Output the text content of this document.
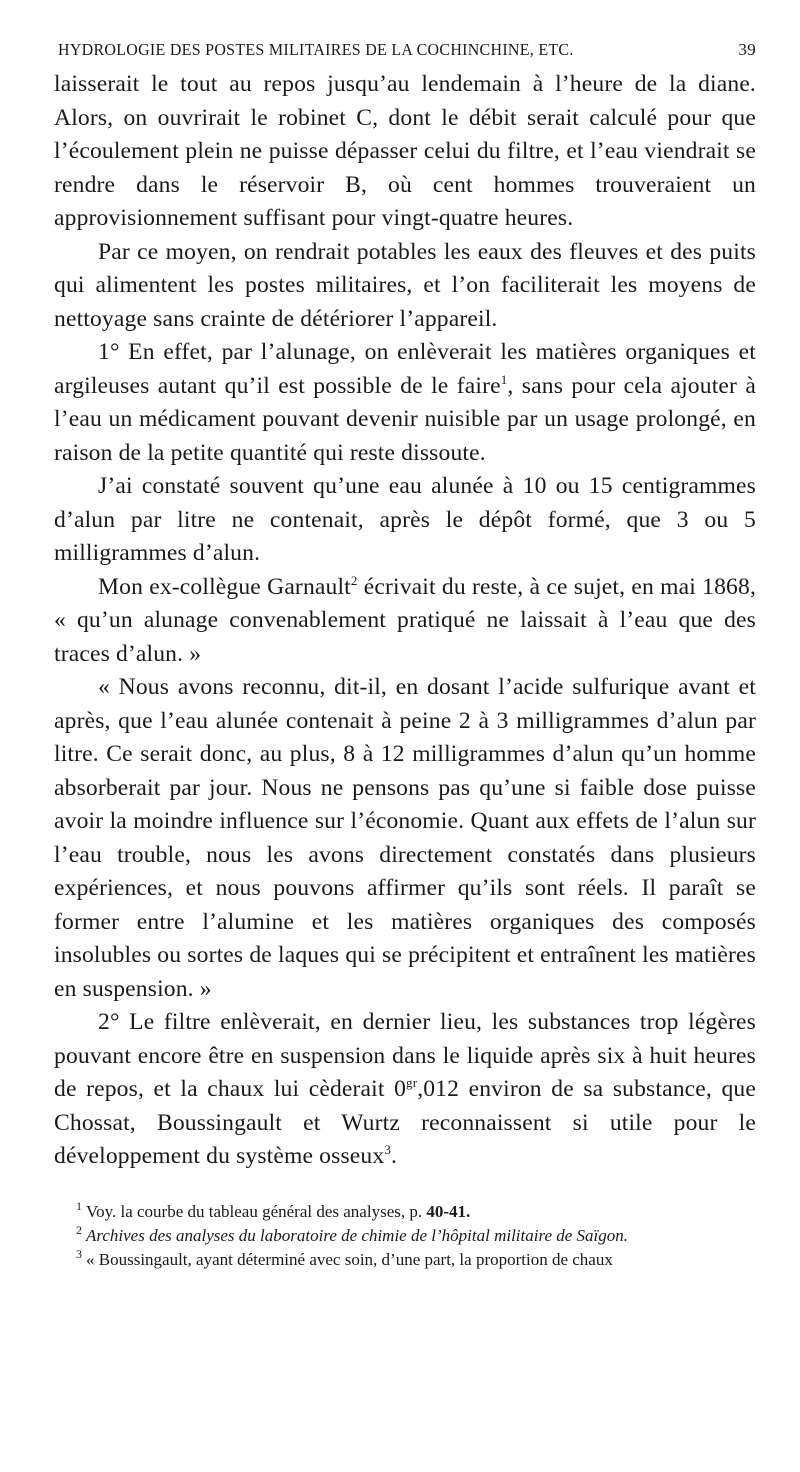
HYDROLOGIE DES POSTES MILITAIRES DE LA COCHINCHINE, ETC.	39

laisserait le tout au repos jusqu’au lendemain à l’heure de la diane. Alors, on ouvrirait le robinet C, dont le débit serait calculé pour que l’écoulement plein ne puisse dépasser celui du filtre, et l’eau viendrait se rendre dans le réservoir B, où cent hommes trouveraient un approvisionnement suffisant pour vingt-quatre heures.

Par ce moyen, on rendrait potables les eaux des fleuves et des puits qui alimentent les postes militaires, et l’on faciliterait les moyens de nettoyage sans crainte de détériorer l’appareil.

1° En effet, par l’alunage, on enlèverait les matières organiques et argileuses autant qu’il est possible de le faire$^1$, sans pour cela ajouter à l’eau un médicament pouvant devenir nuisible par un usage prolongé, en raison de la petite quantité qui reste dissoute.

J’ai constaté souvent qu’une eau alunée à 10 ou 15 centigrammes d’alun par litre ne contenait, après le dépôt formé, que 3 ou 5 milligrammes d’alun.

Mon ex-collègue Garnault$^2$ écrivait du reste, à ce sujet, en mai 1868, « qu’un alunage convenablement pratiqué ne laissait à l’eau que des traces d’alun. »

« Nous avons reconnu, dit-il, en dosant l’acide sulfurique avant et après, que l’eau alunée contenait à peine 2 à 3 milligrammes d’alun par litre. Ce serait donc, au plus, 8 à 12 milligrammes d’alun qu’un homme absorberait par jour. Nous ne pensons pas qu’une si faible dose puisse avoir la moindre influence sur l’économie. Quant aux effets de l’alun sur l’eau trouble, nous les avons directement constatés dans plusieurs expériences, et nous pouvons affirmer qu’ils sont réels. Il paraît se former entre l’alumine et les matières organiques des composés insolubles ou sortes de laques qui se précipitent et entraînent les matières en suspension. »

2° Le filtre enlèverait, en dernier lieu, les substances trop légères pouvant encore être en suspension dans le liquide après six à huit heures de repos, et la chaux lui cèderait $0^{gr},012$ environ de sa substance, que Chossat, Boussingault et Wurtz reconnaissent si utile pour le développement du système osseux$^3$.

$^1$ Voy. la courbe du tableau général des analyses, p. 40-41.

$^2$ Archives des analyses du laboratoire de chimie de l’hôpital militaire de Saïgon.

$^3$ « Boussingault, ayant déterminé avec soin, d’une part, la proportion de chaux
